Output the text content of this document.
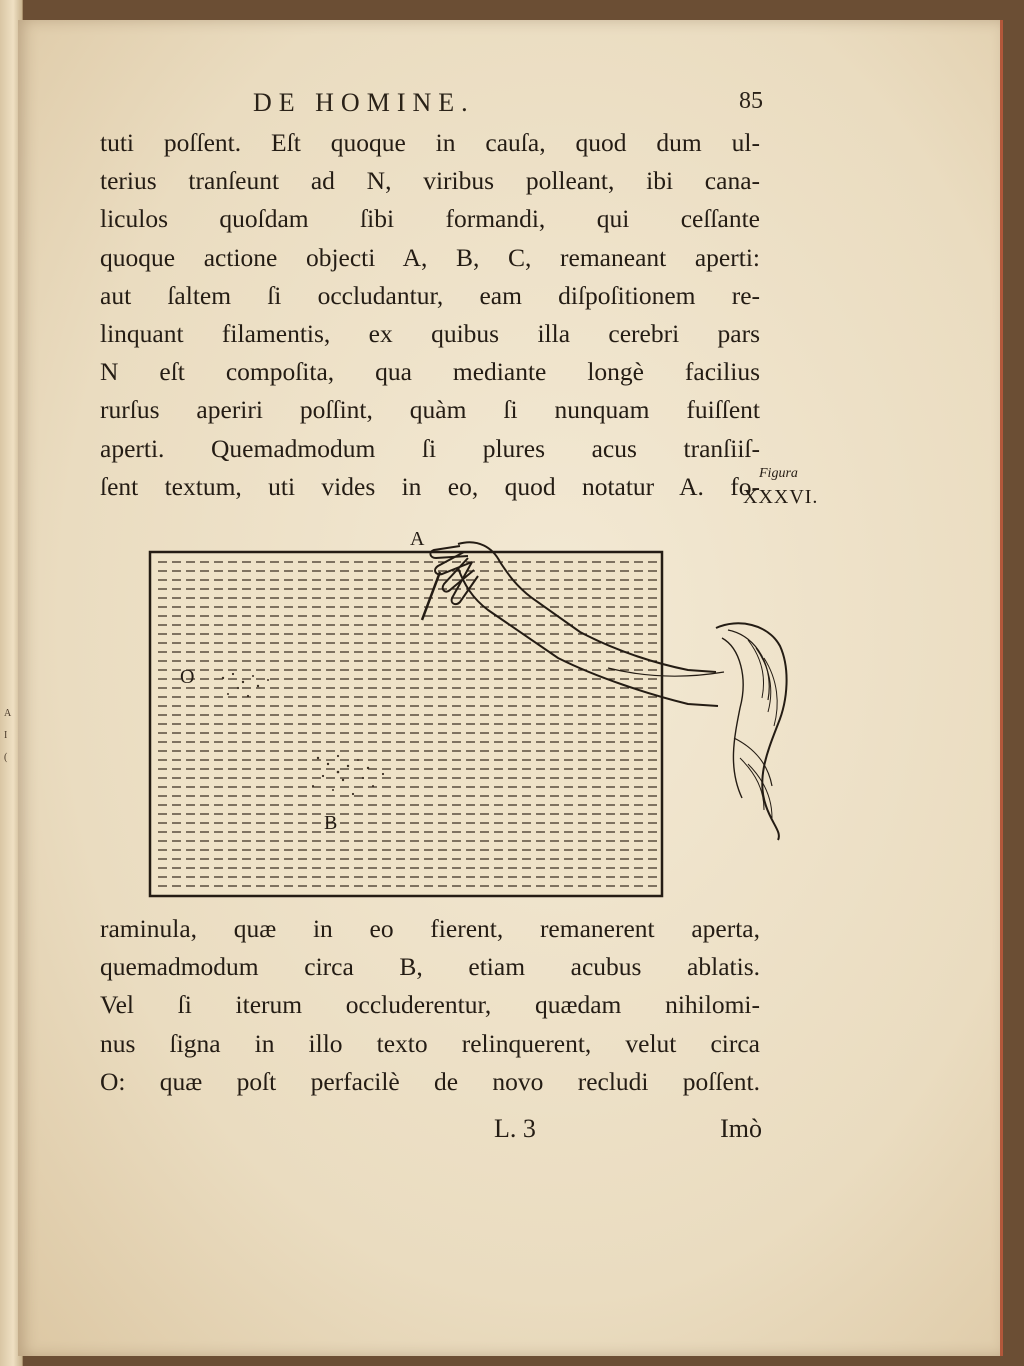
A
I
(
DE HOMINE.	85
tuti poſſent. Eſt quoque in cauſa, quod dum ul-
terius tranſeunt ad N, viribus polleant, ibi cana-
liculos quoſdam ſibi formandi, qui ceſſante
quoque actione objecti A, B, C, remaneant aperti:
aut ſaltem ſi occludantur, eam diſpoſitionem re-
linquant filamentis, ex quibus illa cerebri pars
N eſt compoſita, qua mediante longè facilius
rurſus aperiri poſſint, quàm ſi nunquam fuiſſent
aperti. Quemadmodum ſi plures acus tranſiiſ-
ſent textum, uti vides in eo, quod notatur A. fo- Figura
XXXVI.
A
O
B
raminula, quæ in eo fierent, remanerent aperta,
quemadmodum circa B, etiam acubus ablatis.
Vel ſi iterum occluderentur, quædam nihilomi-
nus ſigna in illo texto relinquerent, velut circa
O: quæ poſt perfacilè de novo recludi poſſent.
L. 3	Imò
